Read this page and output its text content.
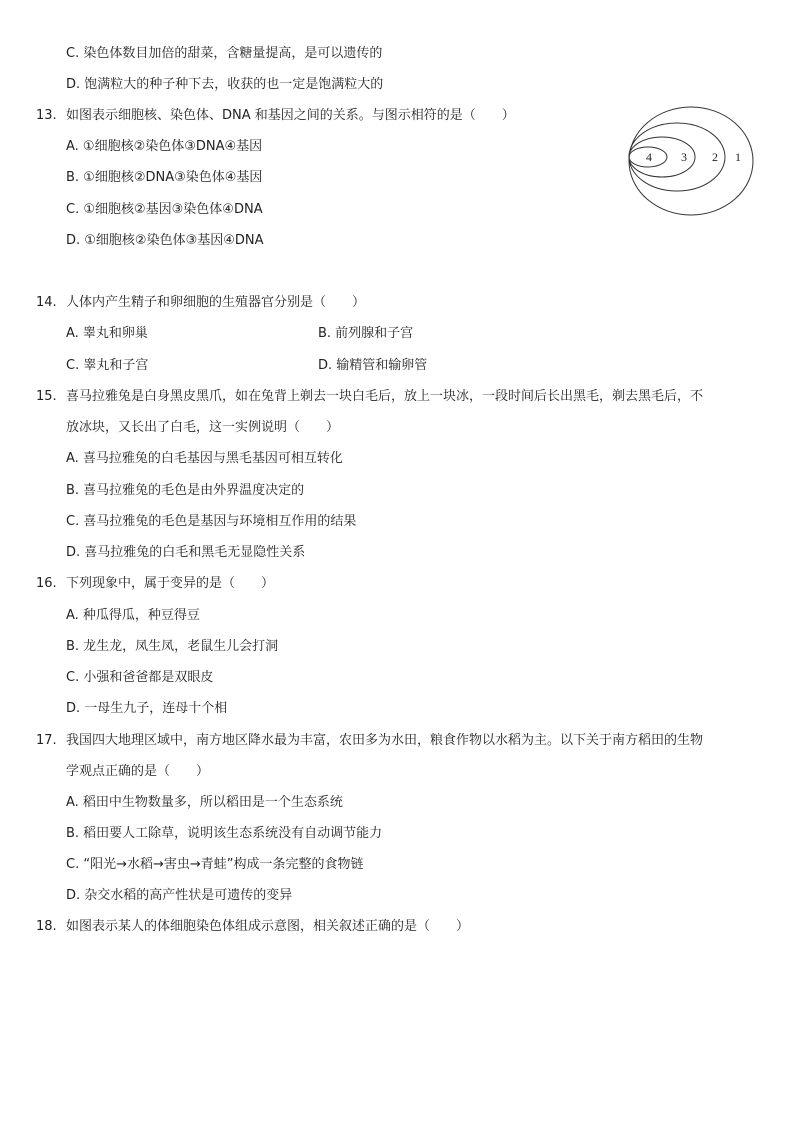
C. 染色体数目加倍的甜菜，含糖量提高，是可以遗传的
D. 饱满粒大的种子种下去，收获的也一定是饱满粒大的
13. 如图表示细胞核、染色体、DNA 和基因之间的关系。与图示相符的是（　　）
A. ①细胞核②染色体③DNA④基因
B. ①细胞核②DNA③染色体④基因
C. ①细胞核②基因③染色体④DNA
D. ①细胞核②染色体③基因④DNA
4 3 2 1
14. 人体内产生精子和卵细胞的生殖器官分别是（　　）
A. 睾丸和卵巢	B. 前列腺和子宫
C. 睾丸和子宫	D. 输精管和输卵管
15. 喜马拉雅兔是白身黑皮黑爪，如在兔背上剃去一块白毛后，放上一块冰，一段时间后长出黑毛，剃去黑毛后，不
放冰块，又长出了白毛，这一实例说明（　　）
A. 喜马拉雅兔的白毛基因与黑毛基因可相互转化
B. 喜马拉雅兔的毛色是由外界温度决定的
C. 喜马拉雅兔的毛色是基因与环境相互作用的结果
D. 喜马拉雅兔的白毛和黑毛无显隐性关系
16. 下列现象中，属于变异的是（　　）
A. 种瓜得瓜，种豆得豆
B. 龙生龙，凤生凤，老鼠生儿会打洞
C. 小强和爸爸都是双眼皮
D. 一母生九子，连母十个相
17. 我国四大地理区域中，南方地区降水最为丰富，农田多为水田，粮食作物以水稻为主。以下关于南方稻田的生物
学观点正确的是（　　）
A. 稻田中生物数量多，所以稻田是一个生态系统
B. 稻田要人工除草，说明该生态系统没有自动调节能力
C. “阳光→水稻→害虫→青蛙”构成一条完整的食物链
D. 杂交水稻的高产性状是可遗传的变异
18. 如图表示某人的体细胞染色体组成示意图，相关叙述正确的是（　　）
